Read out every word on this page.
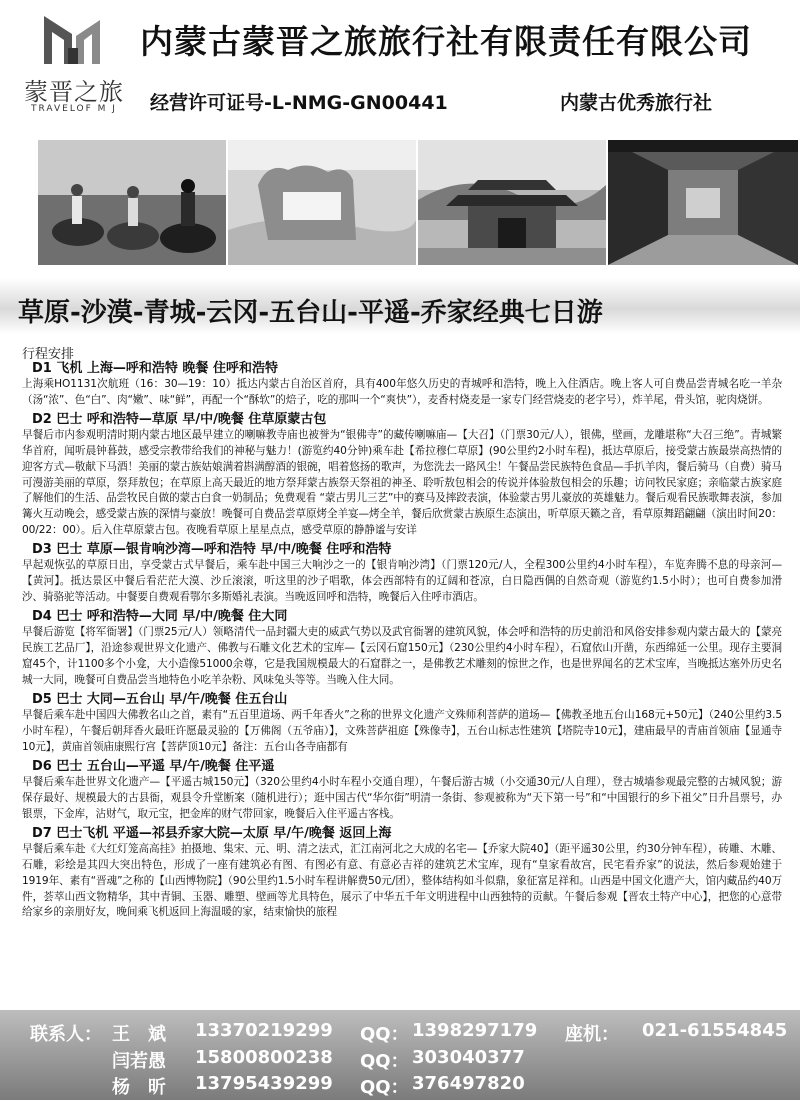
蒙晋之旅
TRAVELOF M J
内蒙古蒙晋之旅旅行社有限责任有限公司
经营许可证号-L-NMG-GN00441	内蒙古优秀旅行社
草原-沙漠-青城-云冈-五台山-平遥-乔家经典七日游
行程安排
D1 飞机 上海—呼和浩特 晚餐 住呼和浩特
上海乘HO1131次航班（16：30—19：10）抵达内蒙古自治区首府，具有400年悠久历史的青城呼和浩特，晚上入住酒店。晚上客人可自费品尝青城名吃一羊杂（汤“浓”、色“白”、肉“嫩”、味“鲜”，再配一个“酥软”的焙子，吃的那叫一个“爽快”），麦香村烧麦是一家专门经营烧麦的老字号），炸羊尾，骨头馆，驼肉烧饼。
D2 巴士 呼和浩特—草原 早/中/晚餐 住草原蒙古包
早餐后市内参观明清时期内蒙古地区最早建立的喇嘛教寺庙也被誉为“银佛寺”的藏传喇嘛庙—【大召】（门票30元/人），银佛，壁画，龙雕堪称“大召三绝”。青城繁华首府，闻听晨钟暮鼓，感受宗教带给我们的神秘与魅力！(游览约40分钟)乘车赴【希拉穆仁草原】(90公里约2小时车程)，抵达草原后，接受蒙古族最崇高热情的迎客方式—敬献下马酒！美丽的蒙古族姑娘满着斟满醇酒的银碗，唱着悠扬的歌声，为您洗去一路风尘！午餐品尝民族特色食品—手扒羊肉，餐后骑马（自费）骑马可漫游美丽的草原，祭拜敖包；在草原上高天最近的地方祭拜蒙古族祭天祭祖的神圣、聆听敖包相会的传说并体验敖包相会的乐趣；访问牧民家庭；亲临蒙古族家庭了解他们的生活、品尝牧民自做的蒙古白食一奶制品；免费观看 “蒙古男儿三艺”中的赛马及摔跤表演，体验蒙古男儿豪放的英雄魅力。餐后观看民族歌舞表演，参加篝火互动晚会，感受蒙古族的深情与豪放！晚餐可自费品尝草原烤全羊宴—烤全羊，餐后欣赏蒙古族原生态演出，听草原天籁之音，看草原舞蹈翩翩（演出时间20：00/22：00）。后入住草原蒙古包。夜晚看草原上星星点点，感受草原的静静谧与安详
D3 巴士 草原—银肯响沙湾—呼和浩特 早/中/晚餐 住呼和浩特
早起观恢弘的草原日出，享受蒙古式早餐后，乘车赴中国三大响沙之一的【银肯响沙湾】（门票120元/人，全程300公里约4小时车程），车览奔腾不息的母亲河—【黄河】。抵达景区中餐后看茫茫大漠、沙丘滚滚，听这里的沙子唱歌，体会西部特有的辽阔和苍凉，白日隐西偶的自然奇观（游览约1.5小时）；也可自费参加滑沙、骑骆驼等活动。中餐要自费观看鄂尔多斯婚礼表演。当晚返回呼和浩特，晚餐后入住呼市酒店。
D4 巴士 呼和浩特—大同 早/中/晚餐 住大同
早餐后游览【将军衙署】（门票25元/人）领略清代一品封疆大吏的威武气势以及武官衙署的建筑风貌，体会呼和浩特的历史前沿和风俗安排参观内蒙古最大的【蒙亮民族工艺品厂】，沿途参观世界文化遗产、佛教与石雕文化艺术的宝库—【云冈石窟150元】（230公里约4小时车程），石窟依山开凿，东西绵延一公里。现存主要洞窟45个，计1100多个小龛，大小造像51000余尊，它是我国规模最大的石窟群之一，是佛教艺术雕刻的惊世之作，也是世界闻名的艺术宝库，当晚抵达塞外历史名城一大同，晚餐可自费品尝当地特色小吃羊杂粉、风味兔头等等。当晚入住大同。
D5 巴士 大同—五台山 早/午/晚餐 住五台山
早餐后乘车赴中国四大佛教名山之首，素有“五百里道场、两千年香火”之称的世界文化遗产文殊师利菩萨的道场—【佛教圣地五台山168元+50元】（240公里约3.5小时车程），午餐后朝拜香火最旺许愿最灵验的【万佛阁（五爷庙）】，文殊菩萨祖庭【殊像寺】，五台山标志性建筑【塔院寺10元】，建庙最早的青庙首领庙【显通寺10元】，黄庙首领庙康熙行宫【菩萨顶10元】备注：五台山各寺庙都有
D6 巴士 五台山—平遥 早/午/晚餐 住平遥
早餐后乘车赴世界文化遗产—【平遥古城150元】（320公里约4小时车程小交通自理），午餐后游古城（小交通30元/人自理），登古城墙参观最完整的古城风貌；游保存最好、规模最大的古县衙，观县令升堂断案（随机进行）；逛中国古代“华尔街”明清一条街、参观被称为“天下第一号”和“中国银行的乡下祖父”日升昌票号，办银票，下金库，沾财气，取元宝，把金库的财气带回家，晚餐后入住平遥古客栈。
D7 巴士飞机 平遥—祁县乔家大院—太原 早/午/晚餐 返回上海
早餐后乘车赴《大红灯笼高高挂》拍摄地、集宋、元、明、清之法式，汇江南河北之大成的名宅—【乔家大院40】（距平遥30公里，约30分钟车程），砖雕、木雕、石雕，彩绘是其四大突出特色，形成了一座有建筑必有图、有图必有意、有意必吉祥的建筑艺术宝库，现有“皇家看故宫，民宅看乔家”的说法，然后参观始建于1919年、素有“晋魂”之称的【山西博物院】（90公里约1.5小时车程讲解费50元/团），整体结构如斗似鼎，象征富足祥和。山西是中国文化遗产大，馆内藏品约40万件，荟萃山西文物精华，其中青铜、玉器、雕塑、壁画等尤具特色，展示了中华五千年文明进程中山西独特的贡献。午餐后参观【晋农土特产中心】，把您的心意带给家乡的亲朋好友，晚间乘飞机返回上海温暖的家，结束愉快的旅程
联系人： 王　斌 13370219299 QQ： 1398297179 座机： 021-61554845
闫若愚 15800800238 QQ： 303040377
杨　昕 13795439299 QQ： 376497820
